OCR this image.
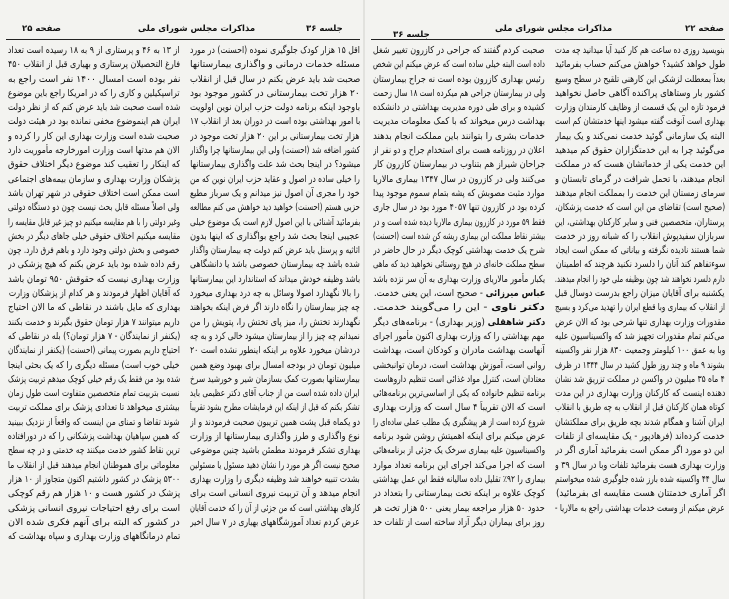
صفحه ۲۵	مذاکرات مجلس شورای ملی	جلسه ۳۶
اقل ۱۵ هزار کودک جلوگیری نموده (احسنت) در مورد
مسئله خدمات درمانی و واگذاری بیمارستانها
صحبت شد باید عرض بکنم در سال قبل از انقلاب
۲۰ هزار تخت بیمارستانی در کشور موجود بود
باوجود اینکه برنامه دولت حزب ایران نوین اولویت
با امور بهداشتی بوده است در دوران بعد از انقلاب ۱۷
هزار تخت بیمارستانی بر این ۲۰ هزار تخت موجود در
کشور اضافه شد (احسنت) ولی این بیمارستانها چرا واگذار
میشود؟ در اینجا بحث شد علت واگذاری بیمارستانها
را خیلی ساده در اصول و عقاید حزب ایران نوین که من
خود را مجری آن اصول نیز میدانم و یک سرباز مطیع
حزبی هستم (احسنت) خواهید دید خواهش می کنم مطالعه
بفرمائید آشنائی با این اصول لازم است یک موضوع خیلی
عجیبی اینجا بحث شد راجع بواگذاری که اینها بدون
اثاثیه و پرسنل باید عرض کنم دولت چه بیمارستان واگذار
شده باشد چه بیمارستان خصوصی باشد یا دانشگاهی
باشد وظیفه خودش میداند که استاندارد این بیمارستانها
را بالا نگهدارد اصولا وسائل به چه درد بهداری میخورد
چه چیز بیمارستان را نگاه دارند اگر فرض اینکه بخواهند
نگهدارند تختش را، میز پای تختش را، پتویش را من
نمیدانم چه چیز را از بیمارستان میشود خالی کرد و به چه
دردشان میخورد علاوه بر اینکه اینطور نشده است ۲۰
میلیون تومان در بودجه امسال برای بهبود وضع همین
بیمارستانها بصورت کمک بسازمان شیر و خورشید سرخ
ایران داده شده است من از جناب آقای دکتر عظیمی باید
تشکر بکنم که قبل از اینکه این فرمایشات مطرح بشود تقریباً
دو یکماه قبل پشت همین تریبون صحبت فرمودند و از
نوع واگذاری و طرز واگذاری بیمارستانها از وزارت
بهداری تشکر فرمودند مطمئن باشید چنین موضوعی
صحیح نیست اگر هر مورد را نشان دهید مسئول یا مسئولین
بشدت تنبیه خواهند شد وظیفه دیگری را وزارت بهداری
انجام میدهد و آن تربیت نیروی انسانی است برای
کارهای بهداشتی است که من جزئی از آن را که خدمت آقایان
عرض کردم تعداد آموزشگاههای بهیاری در ۷ سال اخیر
از ۱۳ به ۴۶ و پرستاری از ۹ به ۱۸ رسیده است تعداد
فارغ التحصیلان پرستاری و بهیاری قبل از انقلاب ۴۵۰
نفر بوده است امسال ۱۴۰۰ نفر است راجع به
تراسپکیلین و کاری را که در امریکا راجع باین موضوع
شده است صحبت شد باید عرض کنم که از نظر دولت
ایران هم اینموضوع مخفی نمانده بود در هیئت دولت
صحبت شده است وزارت بهداری این کار را کرده و
الان هم مدتها است وزارت امورخارجه مأموریت دارد
که اینکار را تعقیب کند موضوع دیگر اختلاف حقوق
پزشکان وزارت بهداری و سازمان بیمه‌های اجتماعی
است ممکن است اختلاف حقوقی در شهر تهران باشد
ولی اصلاً مسئله قابل بحث نیست چون دو دستگاه دولتی
وغیر دولتی را با هم مقایسه میکنیم دو چیز غیر قابل مقایسه را
مقایسه میکنیم اختلاف حقوقی خیلی جاهای دیگر در بخش
خصوصی و بخش دولتی وجود دارد و باهم فرق دارد. چون
رقم داده شده بود باید عرض بکنم که هیچ پزشکی در
وزارت بهداری نیست که حقوقش ۹۵۰ تومان باشد
که آقایان اظهار فرمودند و هر کدام از پزشکان وزارت
بهداری که مایل باشند در نقاطی که ما الان احتیاج
داریم میتوانند ۷ هزار تومان حقوق بگیرند و خدمت بکنند
(یکنفر از نمایندگان - ۷ هزار تومان؟) بله در نقاطی که
احتیاج داریم بصورت پیمانی (احسنت) (یکنفر از نمایندگان
خیلی خوب است) مسئله دیگری را که یک بحثی اینجا
شده بود من فقط یک رقم خیلی کوچک میدهم تربیت پزشک
نسبت بتربیت تمام متخصصین متفاوت است طول زمان
بیشتری میخواهد تا تعدادی پزشک برای مملکت تربیت
شوند تقاضا و تمنای من اینست که واقعاً از نزدیک ببینید
که همین سپاهیان بهداشت پزشکانی را که در دورافتاده
ترین نقاط کشور خدمت میکنند چه خدمتی و در چه سطح
معلوماتی برای هموطنان انجام میدهند قبل از انقلاب ما
۵۳۰۰ پزشک در کشور داشتیم اکنون متجاوز از ۱۰ هزار
پزشک در کشور هست و ۱۰ هزار هم رقم کوچکی
است برای رفع احتیاجات نیروی انسانی پزشکی
در کشور که البته برای آنهم فکری شده الان
تمام درمانگاههای وزارت بهداری و سپاه بهداشت که
صفحه ۲۲
مذاکرات مجلس شورای ملی
جلسه ۳۶
بنویسید روزی ده ساعت هم کار کنید آیا میدانید چه مدت
طول خواهد کشید؟ خواهش می‌کنم حساب بفرمائید
بعداً بمعطلت لزشکی این کارهنی تلقیح در سطح وسیع
کشور بار وستاهای پراکنده آگاهی حاصل نخواهید
فرمود تازه این یک قسمت از وظایف کارمندان وزارت
بهداری است آنوقت گفته میشود اینها خدمتشان کم است
البته یک سازمانی گوئید خدمت نمی‌کند و یک بیمار
می‌گوئید چرا به این خدمتگزاران حقوق کم میدهید
این خدمت یکی از خدماتشان هست که در مملکت
انجام میدهند، با تحمل شرافت در گرمای تابستان و
سرمای زمستان این خدمت را بمملکت انجام میدهند
(صحیح است) تقاضای من این است که خدمت پزشکان،
پرستاران، متخصصین فنی و سایر کارکنان بهداشتی، این
سربازان سفیدپوش انقلاب را که شبانه روز در خدمت
شما هستند نادیده نگرفته و بیاناتی که ممکن است ایجاد
سوءتفاهم کند آنان را دلسرد نکنید هرچند که اطمینان
دارم دلسرد نخواهند شد چون بوظیفه ملی خود را انجام میدهند.
یکشنبه برای آقایان میزان راجع بدرست دوسال قبل
از انقلاب که بیماری وبا قطع ایران را تهدید می‌کرد و بسیج
مقدورات وزارت بهداری تنها شرحی بود که الان عرض
می‌کنم تمام مقدورات تجهیز شد که واکسیناسیون علیه
وبا به عمق ۱۰۰ کیلومتر وجمعیت ۸۳۰ هزار نفر واکسینه
بشوند ۹ ماه و چند روز طول کشید در سال ۱۳۴۴ در ظرف
۴ ماه ۳۵ میلیون در واکسن در مملکت تزریق شد نشان
دهنده اینست که کارکنان وزارت بهداری در این مدت
کوتاه همان کارکنان قبل از انقلاب به چه طریق با انقلاب
ایران آشنا و همگام شدند بچه طریق برای مملکتشان
خدمت کرده‌اند (فرهادپور - یک مقایسه‌ای از تلفات
این دو مورد اگر ممکن است بفرمائید آماری اگر در
وزارت بهداری هست بفرمائید تلفات وبا در سال ۳۹ و
سال ۴۴ واکسینه شده بارز شده جلوگیری شده میخواستم
اگر آماری خدمتتان هست مقایسه ای بفرمائید)
عرض میکنم از وسعت خدمات بهداشتی راجع به مالاریا -
صحبت کردم گفتند که جراحی در کازرون تغییر شغل
داده است البته خیلی ساده است که عرض میکنم این شخص
رئیس بهداری کازرون بوده است نه جراح بیمارستان
ولی در بیمارستان جراحی هم میکرده است ۱۸ سال زحمت
کشیده و برای طی دوره مدیریت بهداشتی در دانشکده
بهداشت درس میخواند که با کمک معلومات مدیریت
خدمات بشری را بتوانند باین مملکت انجام بدهند
اعلان در روزنامه هست برای استخدام جراح و دو نفر از
جراحان شیراز هم بتناوب در بیمارستان کازرون کار
می‌کنند ولی در کازرون در سال ۱۳۴۷ بیماری مالاریا
موارد مثبت مصوبش که پشه بتمام سموم موجود پیدا
کرده بود در کازرون تنها ۴۰۵۷ مورد بود در سال جاری
فقط ۵۹ مورد در کازرون بیماری مالاریا دیده شده است و در
بیشتر نقاط مملکت این بیماری ریشه کن شده است (احسنت)
شرح یک خدمت بهداشتی کوچک دیگر در حال حاضر در
سطح مملکت خانه‌ای در هیچ روستائی نخواهید دید که ماهی
یکبار مأمور مالاریای وزارت بهداری به آن سر نزده باشد
عباس میرزائی - صحیح است، این یعنی خدمت.
دکتر ناوی - این را می‌گویند خدمت.
دکتر شاهقلی (وزیر بهداری) - برنامه‌های دیگر
مهم بهداشتی را که وزارت بهداری اکنون مأمور اجرای
آنهاست بهداشت مادران و کودکان است، بهداشت
روانی است، آموزش بهداشت است، درمان توانبخشی
معتادان است، کنترل مواد غذائی است تنظیم داروهاست
برنامه تنظیم خانواده که یکی از اساسی‌ترین برنامه‌هائی
است که الان تقریباً ۴ سال است که وزارت بهداری
شروع کرده است از هر پیشگیری یک مطلب عملی ساده‌ای را
عرض میکنم برای اینکه اهمیتش روشن شود برنامه
واکسیناسیون علیه بیماری سرخک یک جزئی از برنامه‌هائی
است که اجرا می‌کند اجرای این برنامه تعداد موارد
بیماری را ۹۲٪ تقلیل داده سالیانه فقط این عمل بهداشتی
کوچک علاوه بر اینکه تخت بیمارستانی را بتعداد در
حدود ۵۰ هزار مراجعه بیمار یعنی ۵۰۰ هزار تخت هر
روز برای بیماران دیگر آزاد ساخته است از تلفات حد
